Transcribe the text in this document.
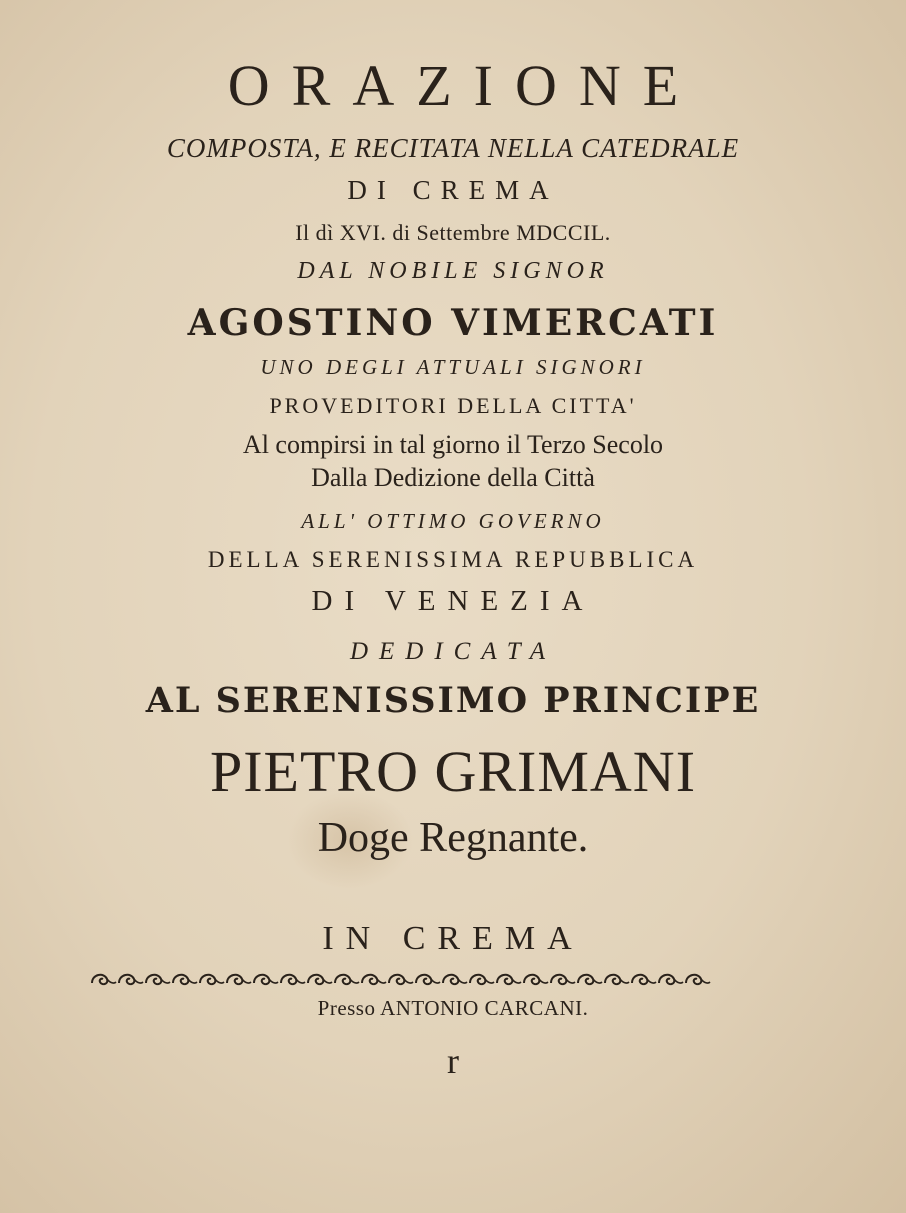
ORAZIONE

COMPOSTA, E RECITATA NELLA CATEDRALE

DI CREMA

Il dì XVI. di Settembre MDCCIL.

DAL NOBILE SIGNOR

AGOSTINO VIMERCATI

UNO DEGLI ATTUALI SIGNORI

PROVEDITORI DELLA CITTA'

Al compirsi in tal giorno il Terzo Secolo

Dalla Dedizione della Città

ALL' OTTIMO GOVERNO

DELLA SERENISSIMA REPUBBLICA

DI VENEZIA

DEDICATA

AL SERENISSIMO PRINCIPE

PIETRO GRIMANI

Doge Regnante.

IN CREMA

Presso ANTONIO CARCANI.

r
